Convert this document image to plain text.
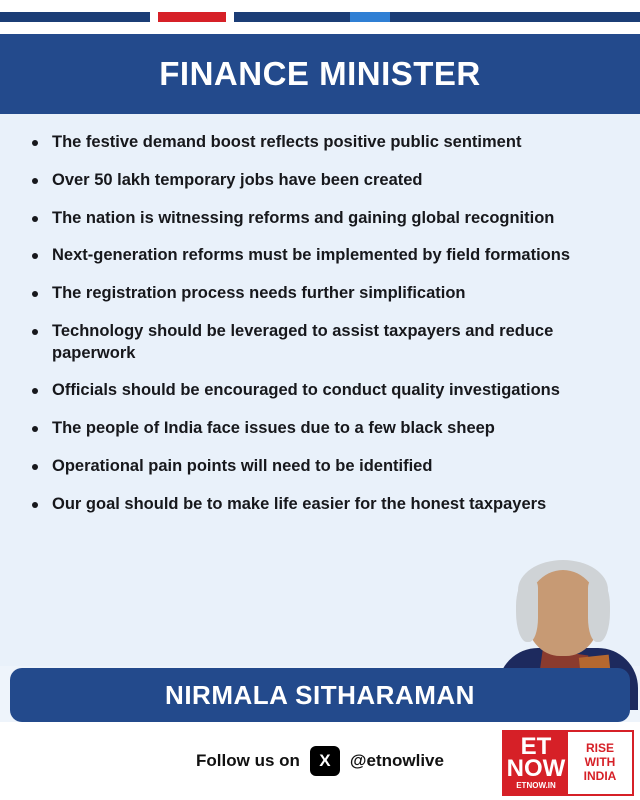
FINANCE MINISTER
The festive demand boost reflects positive public sentiment
Over 50 lakh temporary jobs have been created
The nation is witnessing reforms and gaining global recognition
Next-generation reforms must be implemented by field formations
The registration process needs further simplification
Technology should be leveraged to assist taxpayers and reduce paperwork
Officials should be encouraged to conduct quality investigations
The people of India face issues due to a few black sheep
Operational pain points will need to be identified
Our goal should be to make life easier for the honest taxpayers
NIRMALA SITHARAMAN
Follow us on	X	@etnowlive
ET
NOW
ETNOW.IN
RISE
WITH
INDIA
